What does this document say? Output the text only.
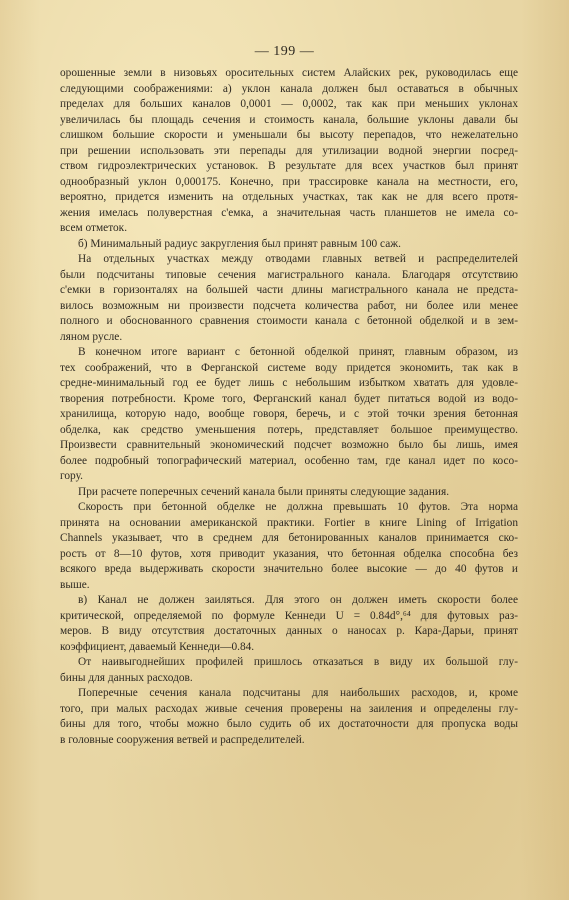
— 199 —
орошенные земли в низовьях оросительных систем Алайских рек, руководилась еще
следующими соображениями: а) уклон канала должен был оставаться в обычных
пределах для больших каналов 0,0001 — 0,0002, так как при меньших уклонах
увеличилась бы площадь сечения и стоимость канала, большие уклоны давали бы
слишком большие скорости и уменьшали бы высоту перепадов, что нежелательно
при решении использовать эти перепады для утилизации водной энергии посред-
ством гидроэлектрических установок. В результате для всех участков был принят
однообразный уклон 0,000175. Конечно, при трассировке канала на местности, его,
вероятно, придется изменить на отдельных участках, так как не для всего протя-
жения имелась полуверстная с'емка, а значительная часть планшетов не имела со-
всем отметок.
б) Минимальный радиус закругления был принят равным 100 саж.
На отдельных участках между отводами главных ветвей и распределителей
были подсчитаны типовые сечения магистрального канала. Благодаря отсутствию
с'емки в горизонталях на большей части длины магистрального канала не предста-
вилось возможным ни произвести подсчета количества работ, ни более или менее
полного и обоснованного сравнения стоимости канала с бетонной обделкой и в зем-
ляном русле.
В конечном итоге вариант с бетонной обделкой принят, главным образом, из
тех соображений, что в Ферганской системе воду придется экономить, так как в
средне-минимальный год ее будет лишь с небольшим избытком хватать для удовле-
творения потребности. Кроме того, Ферганский канал будет питаться водой из водо-
хранилища, которую надо, вообще говоря, беречь, и с этой точки зрения бетонная
обделка, как средство уменьшения потерь, представляет большое преимущество.
Произвести сравнительный экономический подсчет возможно было бы лишь, имея
более подробный топографический материал, особенно там, где канал идет по косо-
гору.
При расчете поперечных сечений канала были приняты следующие задания.
Скорость при бетонной обделке не должна превышать 10 футов. Эта норма
принята на основании американской практики. Fortier в книге Lining of Irrigation
Channels указывает, что в среднем для бетонированных каналов принимается ско-
рость от 8—10 футов, хотя приводит указания, что бетонная обделка способна без
всякого вреда выдерживать скорости значительно более высокие — до 40 футов и
выше.
в) Канал не должен заиляться. Для этого он должен иметь скорости более
критической, определяемой по формуле Кеннеди U = 0.84d°,⁶⁴ для футовых раз-
меров. В виду отсутствия достаточных данных о наносах р. Кара-Дарьи, принят
коэффициент, даваемый Кеннеди—0.84.
От наивыгоднейших профилей пришлось отказаться в виду их большой глу-
бины для данных расходов.
Поперечные сечения канала подсчитаны для наибольших расходов, и, кроме
того, при малых расходах живые сечения проверены на заиления и определены глу-
бины для того, чтобы можно было судить об их достаточности для пропуска воды
в головные сооружения ветвей и распределителей.
